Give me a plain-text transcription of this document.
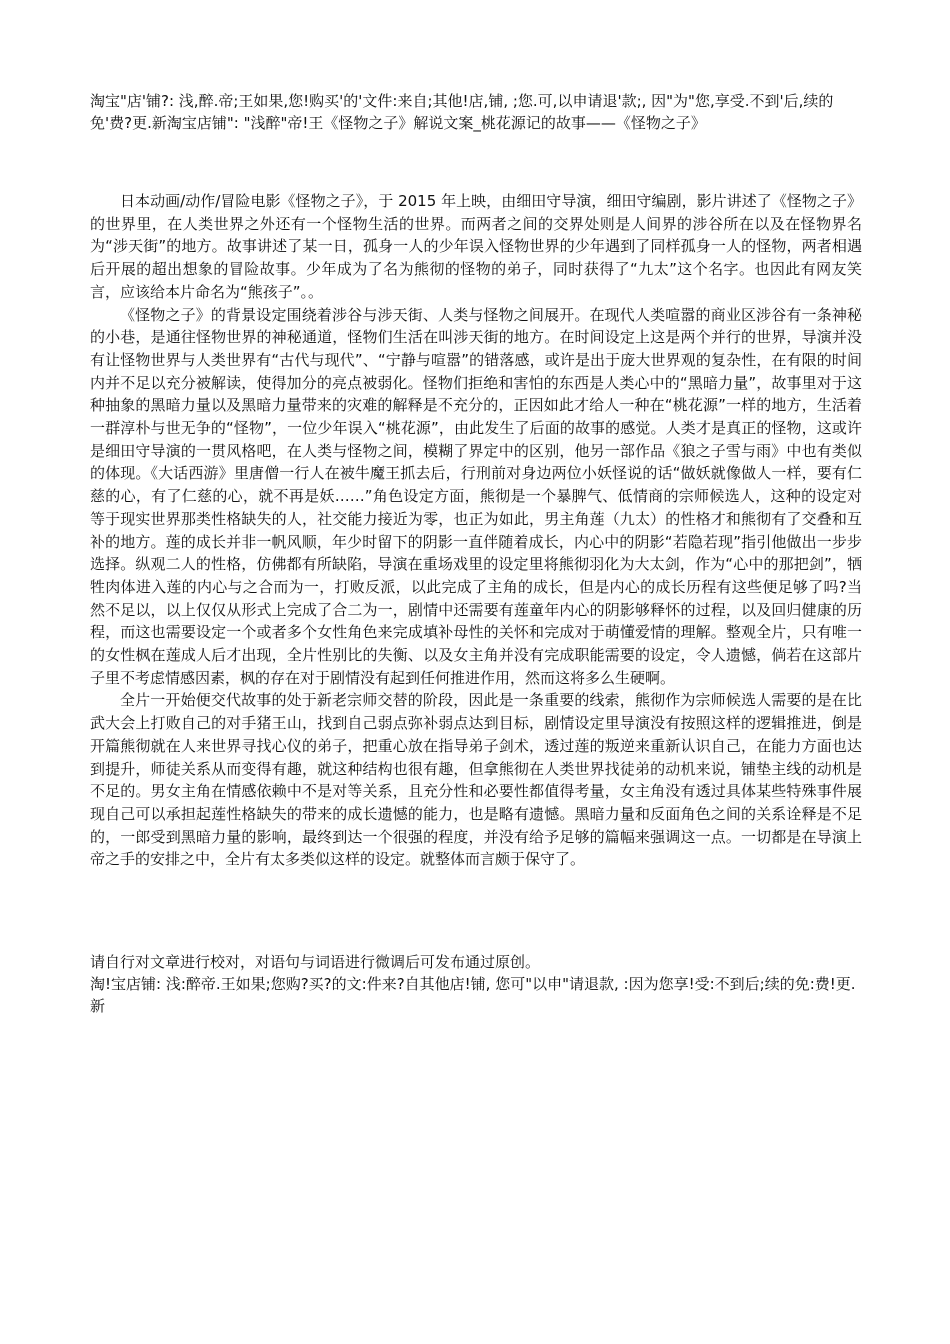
淘宝"店'铺?: 浅,醉.帝;王如果,您!购买'的'文件:来自;其他!店,铺, ;您.可,以申请退'款;, 因"为"您,享受.不到'后,续的免'费?更.新淘宝店铺": "浅醉"帝!王《怪物之子》解说文案_桃花源记的故事——《怪物之子》

日本动画/动作/冒险电影《怪物之子》，于 2015 年上映，由细田守导演，细田守编剧，影片讲述了《怪物之子》的世界里，在人类世界之外还有一个怪物生活的世界。而两者之间的交界处则是人间界的涉谷所在以及在怪物界名为“涉天街”的地方。故事讲述了某一日，孤身一人的少年误入怪物世界的少年遇到了同样孤身一人的怪物，两者相遇后开展的超出想象的冒险故事。少年成为了名为熊彻的怪物的弟子，同时获得了“九太”这个名字。也因此有网友笑言，应该给本片命名为“熊孩子”。。

《怪物之子》的背景设定围绕着涉谷与涉天街、人类与怪物之间展开。在现代人类喧嚣的商业区涉谷有一条神秘的小巷，是通往怪物世界的神秘通道，怪物们生活在叫涉天街的地方。在时间设定上这是两个并行的世界，导演并没有让怪物世界与人类世界有“古代与现代”、“宁静与喧嚣”的错落感，或许是出于庞大世界观的复杂性，在有限的时间内并不足以充分被解读，使得加分的亮点被弱化。怪物们拒绝和害怕的东西是人类心中的“黑暗力量”，故事里对于这种抽象的黑暗力量以及黑暗力量带来的灾难的解释是不充分的，正因如此才给人一种在“桃花源”一样的地方，生活着一群淳朴与世无争的“怪物”，一位少年误入“桃花源”，由此发生了后面的故事的感觉。人类才是真正的怪物，这或许是细田守导演的一贯风格吧，在人类与怪物之间，模糊了界定中的区别，他另一部作品《狼之子雪与雨》中也有类似的体现。《大话西游》里唐僧一行人在被牛魔王抓去后，行刑前对身边两位小妖怪说的话“做妖就像做人一样，要有仁慈的心，有了仁慈的心，就不再是妖……”角色设定方面，熊彻是一个暴脾气、低情商的宗师候选人，这种的设定对等于现实世界那类性格缺失的人，社交能力接近为零，也正为如此，男主角莲（九太）的性格才和熊彻有了交叠和互补的地方。莲的成长并非一帆风顺，年少时留下的阴影一直伴随着成长，内心中的阴影“若隐若现”指引他做出一步步选择。纵观二人的性格，仿佛都有所缺陷，导演在重场戏里的设定里将熊彻羽化为大太剑，作为“心中的那把剑”，牺牲肉体进入莲的内心与之合而为一，打败反派，以此完成了主角的成长，但是内心的成长历程有这些便足够了吗?当然不足以，以上仅仅从形式上完成了合二为一，剧情中还需要有莲童年内心的阴影够释怀的过程，以及回归健康的历程，而这也需要设定一个或者多个女性角色来完成填补母性的关怀和完成对于萌懂爱情的理解。整观全片，只有唯一的女性枫在莲成人后才出现，全片性别比的失衡、以及女主角并没有完成职能需要的设定，令人遗憾，倘若在这部片子里不考虑情感因素，枫的存在对于剧情没有起到任何推进作用，然而这将多么生硬啊。

全片一开始便交代故事的处于新老宗师交替的阶段，因此是一条重要的线索，熊彻作为宗师候选人需要的是在比武大会上打败自己的对手猪王山，找到自己弱点弥补弱点达到目标，剧情设定里导演没有按照这样的逻辑推进，倒是开篇熊彻就在人来世界寻找心仪的弟子，把重心放在指导弟子剑术，透过莲的叛逆来重新认识自己，在能力方面也达到提升，师徒关系从而变得有趣，就这种结构也很有趣，但拿熊彻在人类世界找徒弟的动机来说，铺垫主线的动机是不足的。男女主角在情感依赖中不是对等关系，且充分性和必要性都值得考量，女主角没有透过具体某些特殊事件展现自己可以承担起莲性格缺失的带来的成长遗憾的能力，也是略有遗憾。黑暗力量和反面角色之间的关系诠释是不足的，一郎受到黑暗力量的影响，最终到达一个很强的程度，并没有给予足够的篇幅来强调这一点。一切都是在导演上帝之手的安排之中，全片有太多类似这样的设定。就整体而言颇于保守了。

请自行对文章进行校对，对语句与词语进行微调后可发布通过原创。

淘!宝店铺: 浅:醉帝.王如果;您购?买?的文:件来?自其他店!铺, 您可"以申"请退款, :因为您享!受:不到后;续的免:费!更.新
